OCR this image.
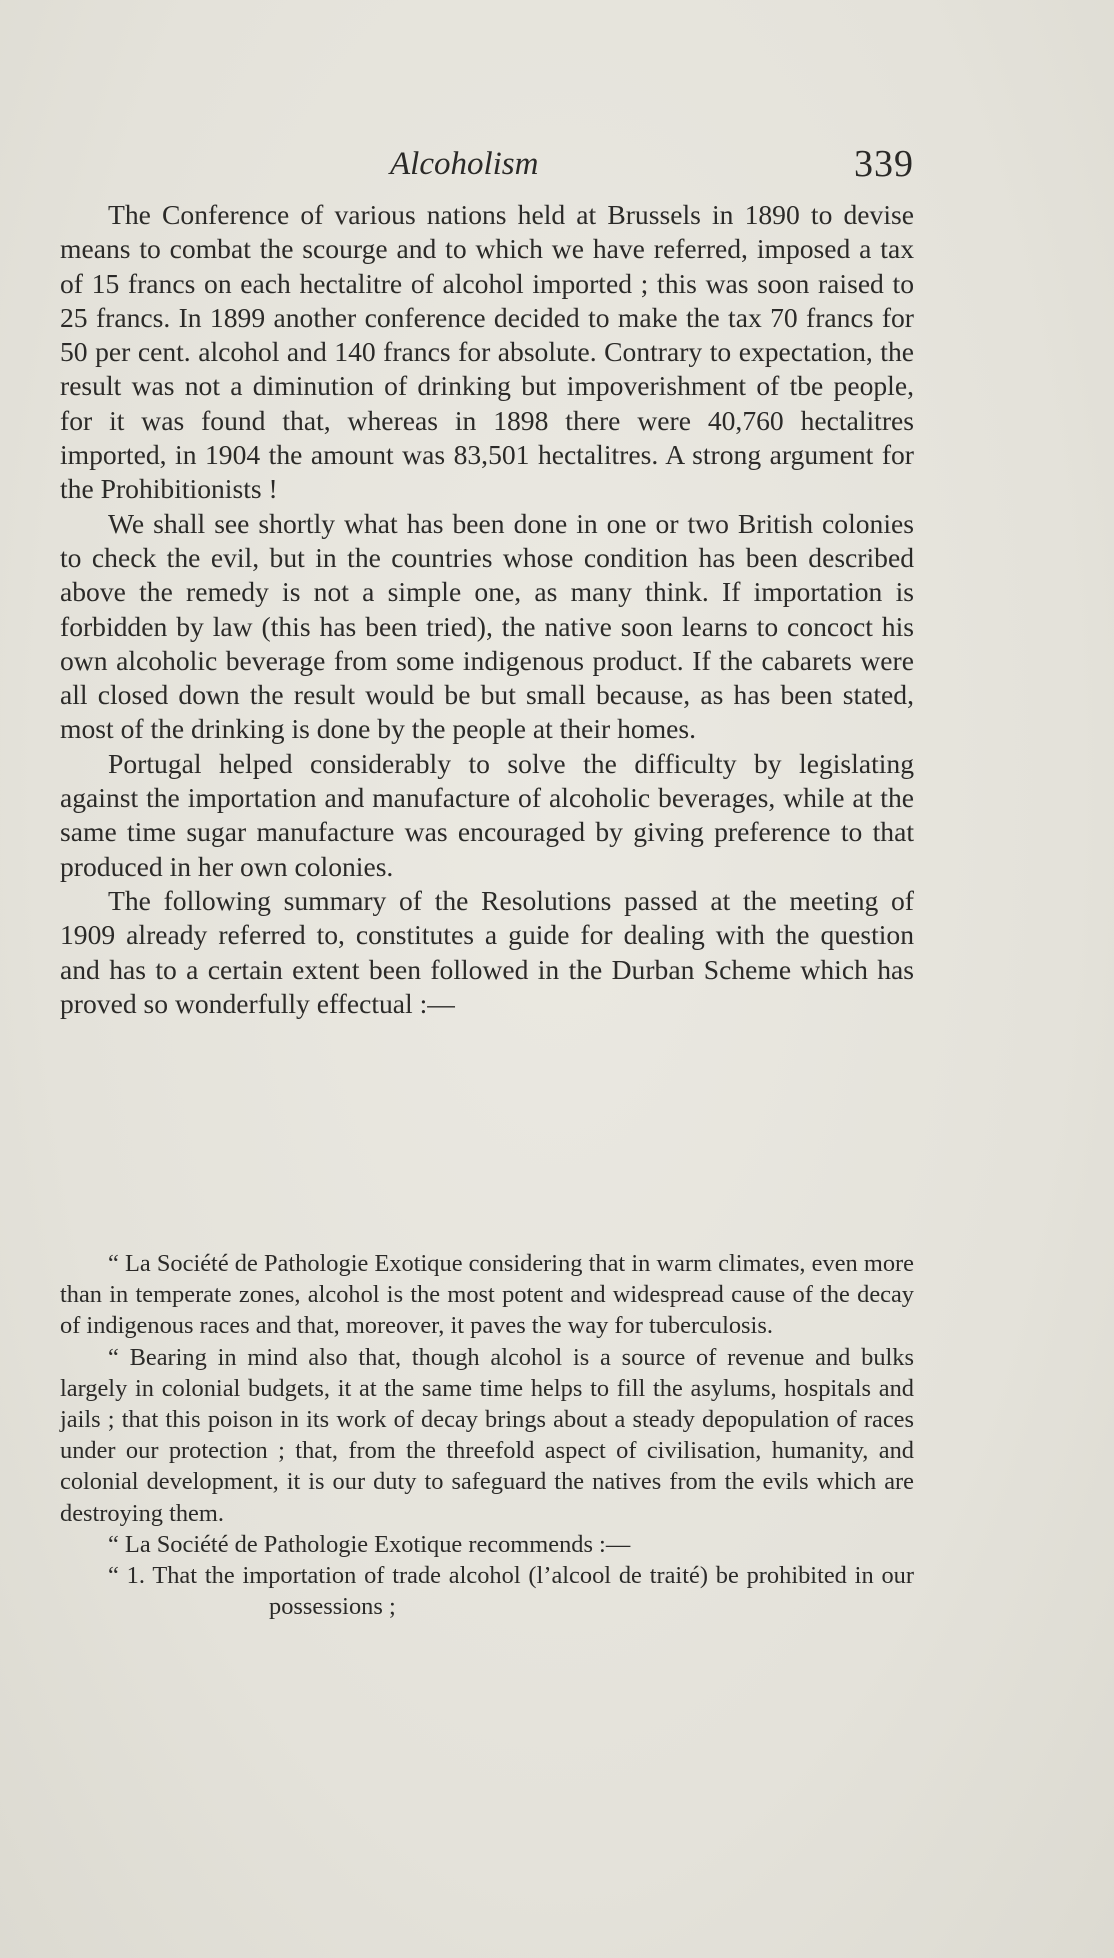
Alcoholism	339

The Conference of various nations held at Brussels in 1890 to devise means to combat the scourge and to which we have referred, imposed a tax of 15 francs on each hectalitre of alcohol imported ; this was soon raised to 25 francs. In 1899 another conference decided to make the tax 70 francs for 50 per cent. alcohol and 140 francs for absolute. Contrary to expectation, the result was not a diminution of drinking but impoverishment of tbe people, for it was found that, whereas in 1898 there were 40,760 hectalitres imported, in 1904 the amount was 83,501 hectalitres. A strong argument for the Prohibitionists !

We shall see shortly what has been done in one or two British colonies to check the evil, but in the countries whose condition has been described above the remedy is not a simple one, as many think. If importation is forbidden by law (this has been tried), the native soon learns to concoct his own alcoholic beverage from some indigenous product. If the cabarets were all closed down the result would be but small because, as has been stated, most of the drinking is done by the people at their homes.

Portugal helped considerably to solve the difficulty by legislating against the importation and manufacture of alcoholic beverages, while at the same time sugar manufacture was encouraged by giving preference to that produced in her own colonies.

The following summary of the Resolutions passed at the meeting of 1909 already referred to, constitutes a guide for dealing with the question and has to a certain extent been followed in the Durban Scheme which has proved so wonderfully effectual :—

“ La Société de Pathologie Exotique considering that in warm climates, even more than in temperate zones, alcohol is the most potent and widespread cause of the decay of indigenous races and that, moreover, it paves the way for tuberculosis.

“ Bearing in mind also that, though alcohol is a source of revenue and bulks largely in colonial budgets, it at the same time helps to fill the asylums, hospitals and jails ; that this poison in its work of decay brings about a steady depopulation of races under our protection ; that, from the threefold aspect of civilisation, humanity, and colonial development, it is our duty to safeguard the natives from the evils which are destroying them.

“ La Société de Pathologie Exotique recommends :—

“ 1. That the importation of trade alcohol (l’alcool de traité) be prohibited in our possessions ;
